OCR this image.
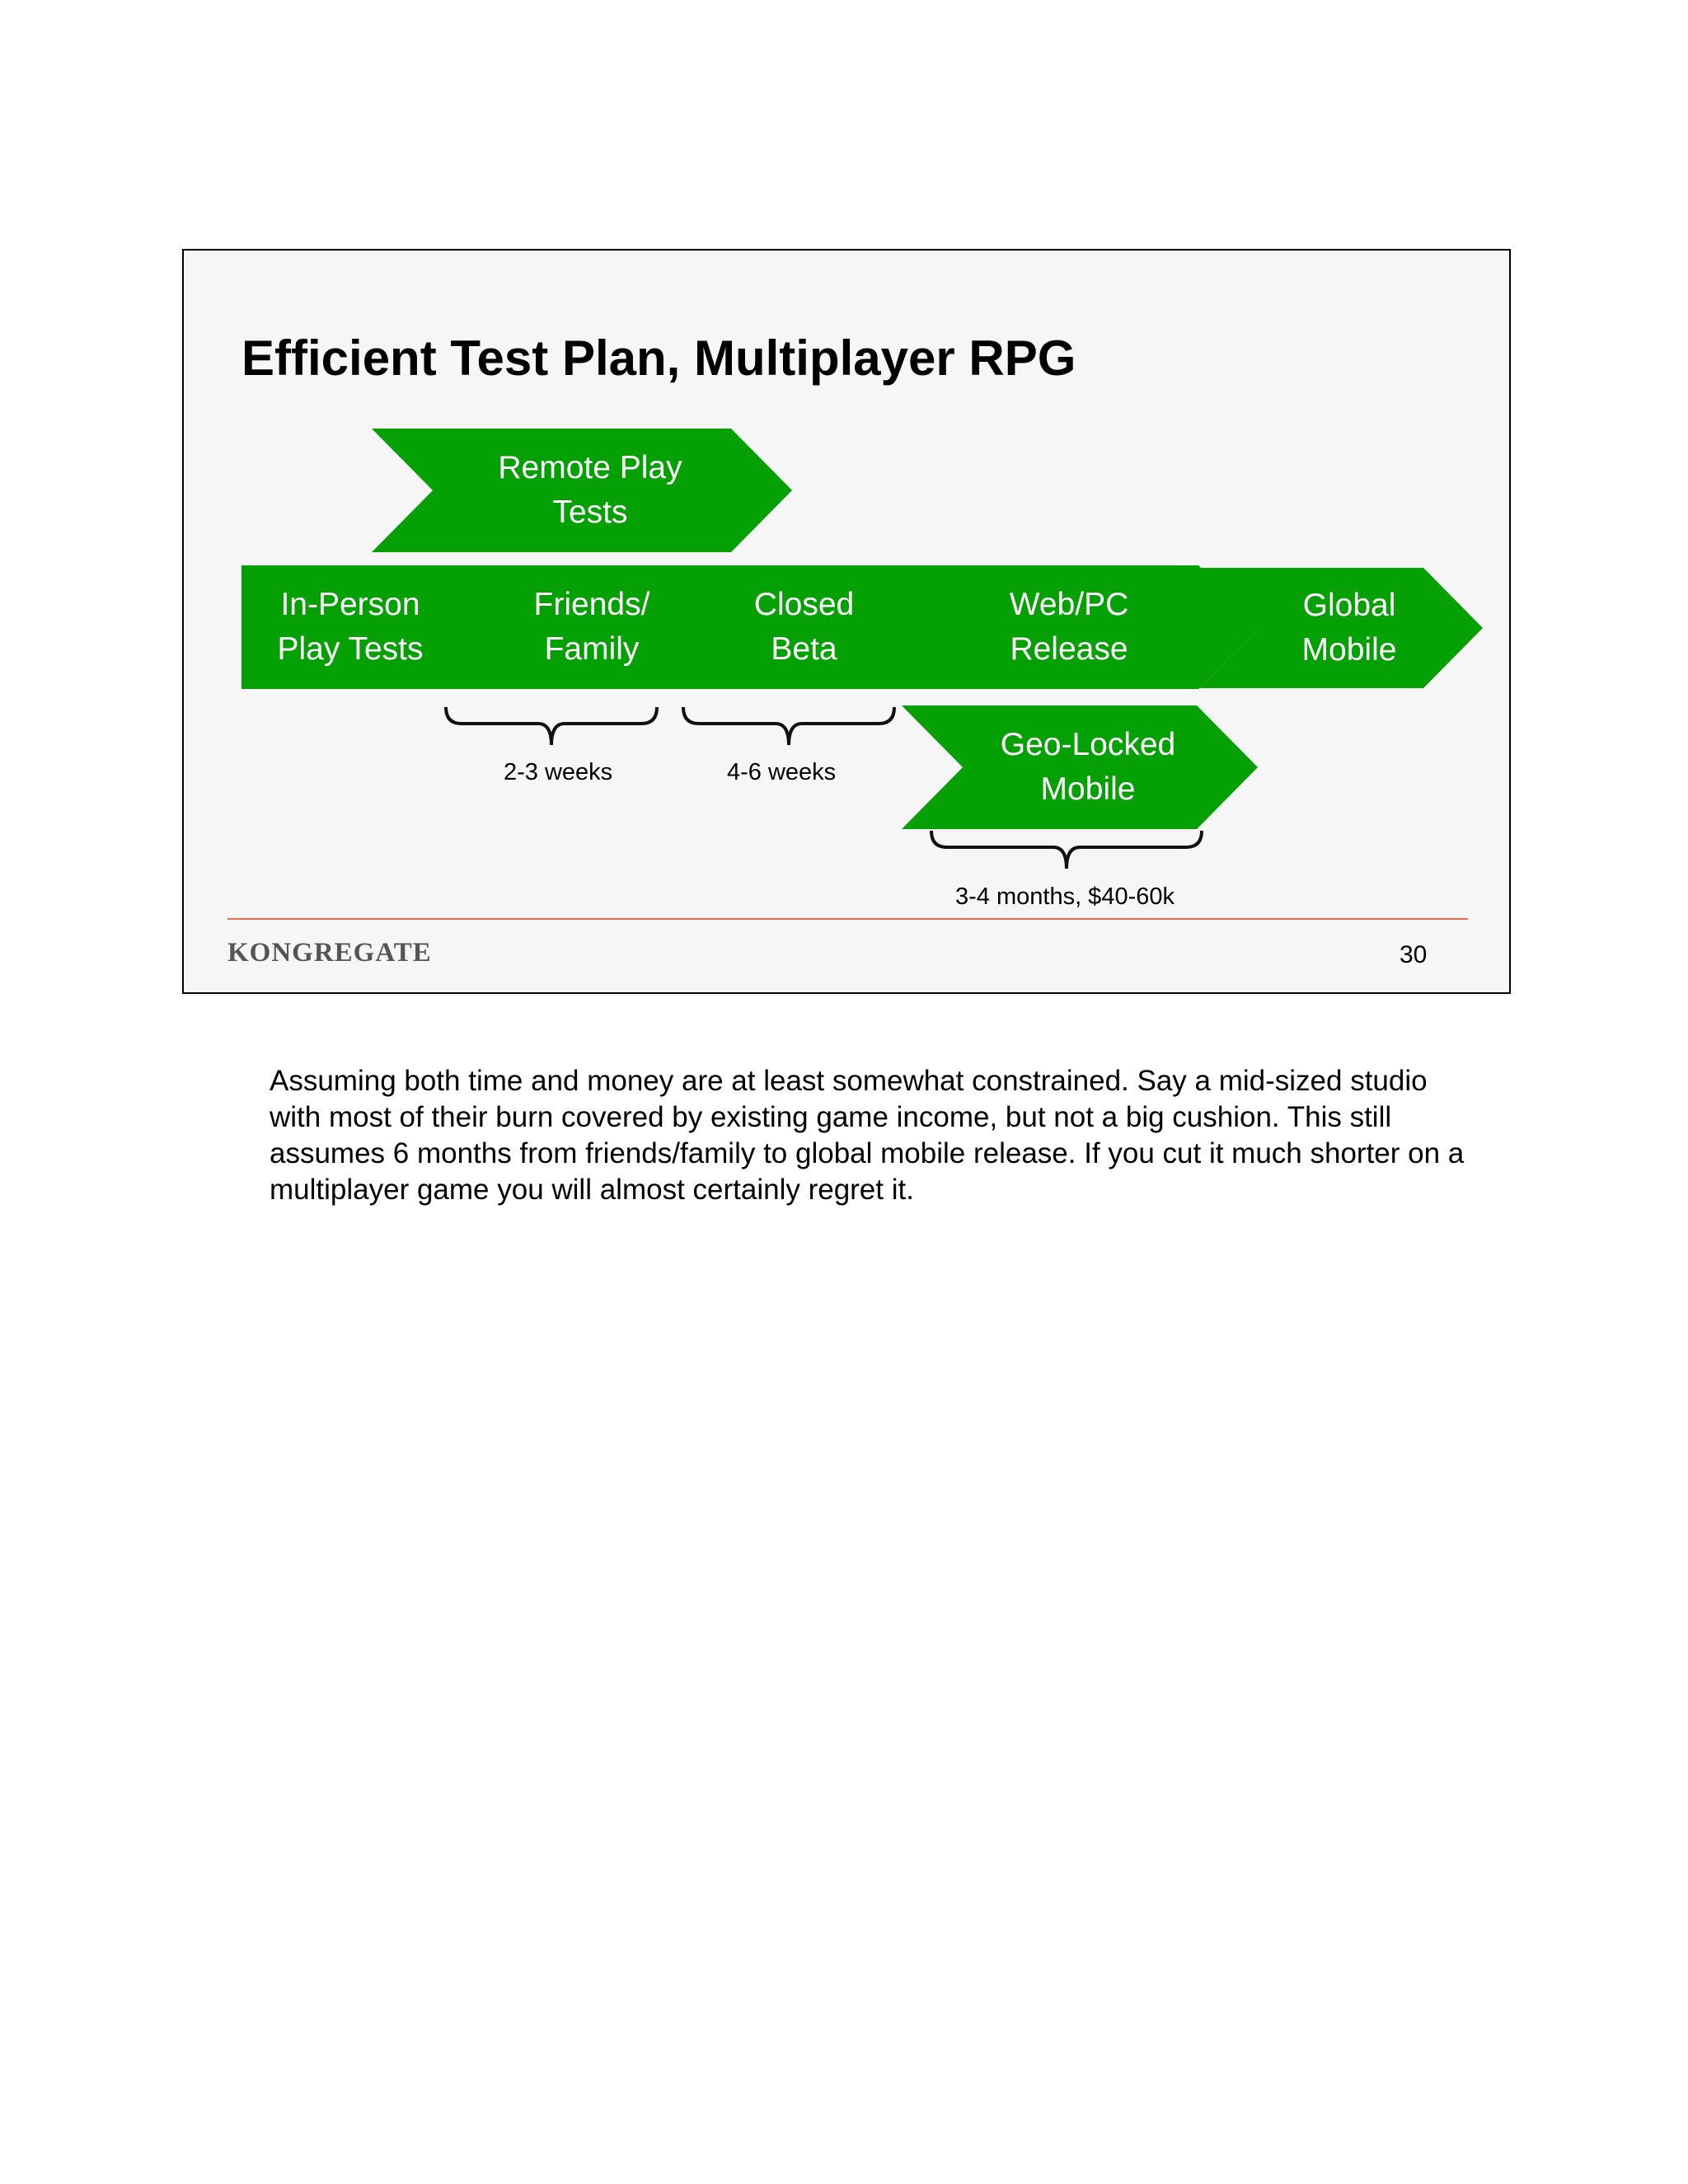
Efficient Test Plan, Multiplayer RPG
Remote Play
Tests
In-Person
Play Tests
Friends/
Family
Closed
Beta
Web/PC
Release
Global
Mobile
Geo-Locked
Mobile
2-3 weeks	4-6 weeks
3-4 months, $40-60k
KONGREGATE	30

Assuming both time and money are at least somewhat constrained. Say a mid-sized studio with most of their burn covered by existing game income, but not a big cushion. This still assumes 6 months from friends/family to global mobile release. If you cut it much shorter on a multiplayer game you will almost certainly regret it.
